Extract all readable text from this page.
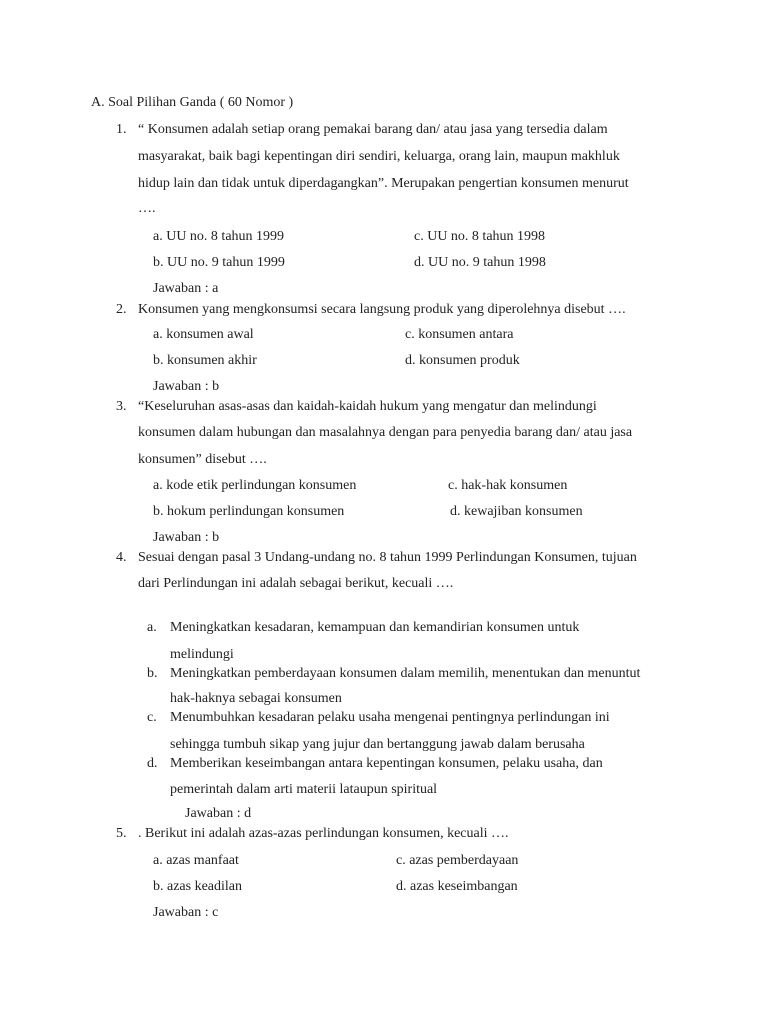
A. Soal Pilihan Ganda ( 60 Nomor )
1. “ Konsumen adalah setiap orang pemakai barang dan/ atau jasa yang tersedia dalam
masyarakat, baik bagi kepentingan diri sendiri, keluarga, orang lain, maupun makhluk
hidup lain dan tidak untuk diperdagangkan”. Merupakan pengertian konsumen menurut
….
a. UU no. 8 tahun 1999
b. UU no. 9 tahun 1999
c. UU no. 8 tahun 1998
d. UU no. 9 tahun 1998
Jawaban : a
2. Konsumen yang mengkonsumsi secara langsung produk yang diperolehnya disebut ….
a. konsumen awal
b. konsumen akhir
c. konsumen antara
d. konsumen produk
Jawaban : b
3. “Keseluruhan asas-asas dan kaidah-kaidah hukum yang mengatur dan melindungi
konsumen dalam hubungan dan masalahnya dengan para penyedia barang dan/ atau jasa
konsumen” disebut ….
a. kode etik perlindungan konsumen
b. hokum perlindungan konsumen
c. hak-hak konsumen
d. kewajiban konsumen
Jawaban : b
4. Sesuai dengan pasal 3 Undang-undang no. 8 tahun 1999 Perlindungan Konsumen, tujuan
dari Perlindungan ini adalah sebagai berikut, kecuali ….
a. Meningkatkan kesadaran, kemampuan dan kemandirian konsumen untuk
melindungi
b. Meningkatkan pemberdayaan konsumen dalam memilih, menentukan dan menuntut
hak-haknya sebagai konsumen
c. Menumbuhkan kesadaran pelaku usaha mengenai pentingnya perlindungan ini
sehingga tumbuh sikap yang jujur dan bertanggung jawab dalam berusaha
d. Memberikan keseimbangan antara kepentingan konsumen, pelaku usaha, dan
pemerintah dalam arti materii lataupun spiritual
Jawaban : d
5. . Berikut ini adalah azas-azas perlindungan konsumen, kecuali ….
a. azas manfaat
b. azas keadilan
c. azas pemberdayaan
d. azas keseimbangan
Jawaban : c
